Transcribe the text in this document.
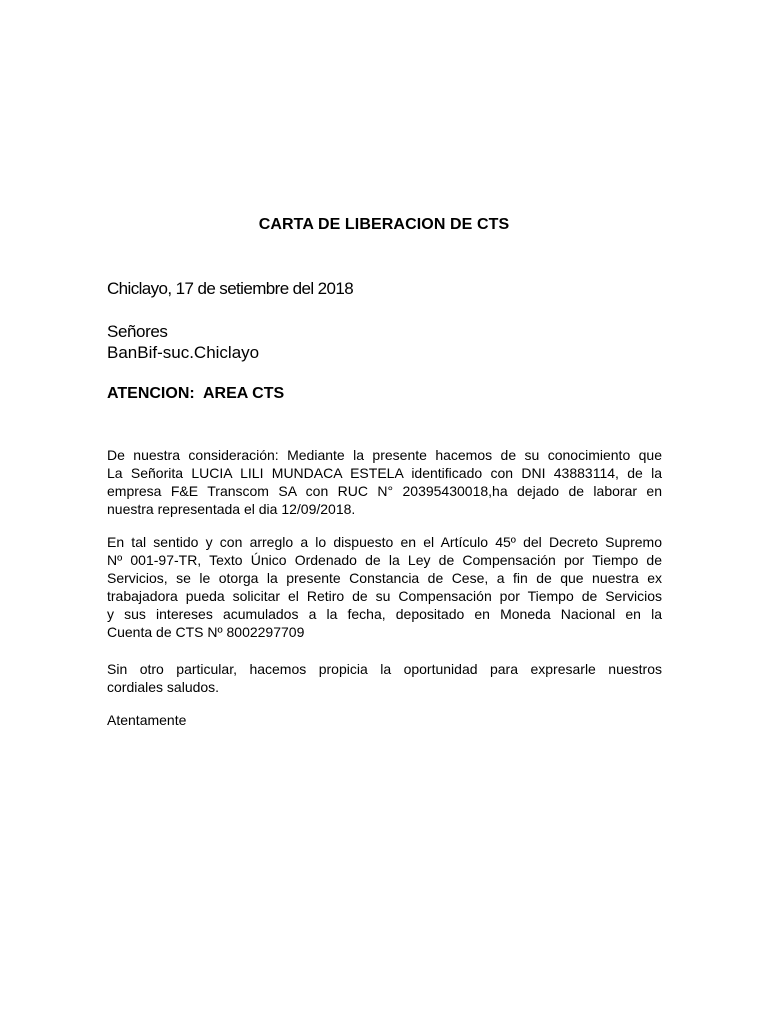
CARTA DE LIBERACION DE CTS
Chiclayo, 17 de setiembre del 2018
Señores
BanBif-suc.Chiclayo
ATENCION:  AREA CTS
De nuestra consideración: Mediante la presente hacemos de su conocimiento que
La Señorita LUCIA LILI MUNDACA ESTELA identificado con DNI 43883114, de la
empresa F&E Transcom SA con RUC N° 20395430018,ha dejado de laborar en
nuestra representada el dia 12/09/2018.
En tal sentido y con arreglo a lo dispuesto en el Artículo 45º del Decreto Supremo
Nº 001-97-TR, Texto Único Ordenado de la Ley de Compensación por Tiempo de
Servicios, se le otorga la presente Constancia de Cese, a fin de que nuestra ex
trabajadora pueda solicitar el Retiro de su Compensación por Tiempo de Servicios
y sus intereses acumulados a la fecha, depositado en Moneda Nacional en la
Cuenta de CTS Nº 8002297709
Sin otro particular, hacemos propicia la oportunidad para expresarle nuestros
cordiales saludos.
Atentamente
